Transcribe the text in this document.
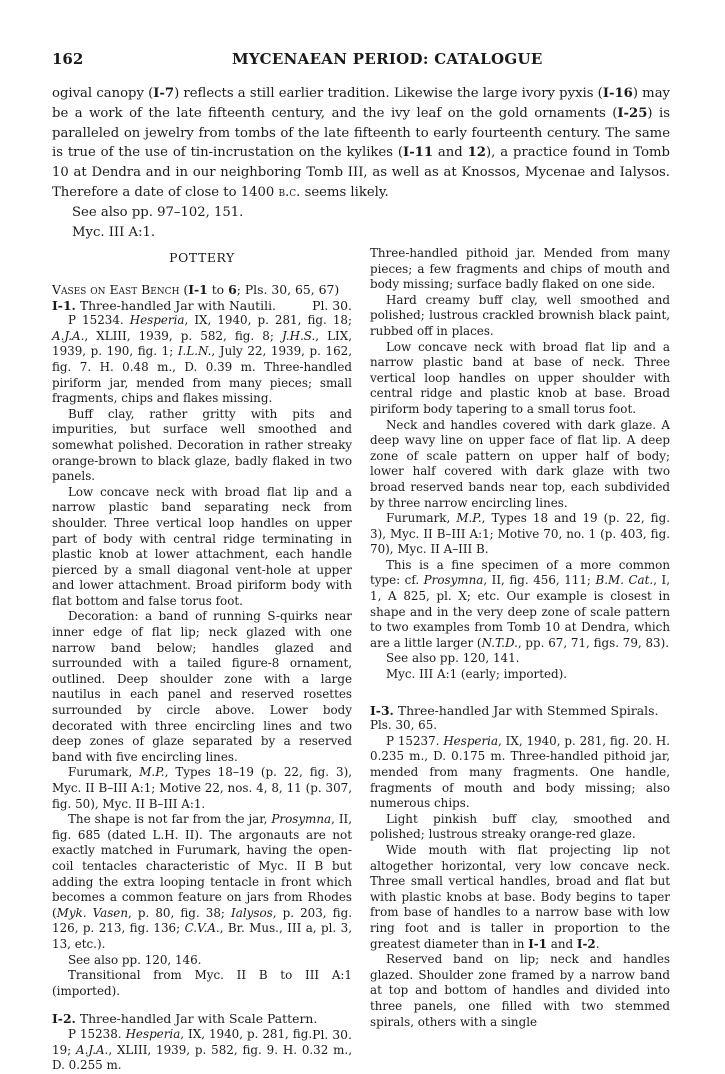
162	MYCENAEAN PERIOD: CATALOGUE

ogival canopy (I-7) reflects a still earlier tradition. Likewise the large ivory pyxis (I-16) may be a work of the late fifteenth century, and the ivy leaf on the gold ornaments (I-25) is paralleled on jewelry from tombs of the late fifteenth to early fourteenth century. The same is true of the use of tin-incrustation on the kylikes (I-11 and 12), a practice found in Tomb 10 at Dendra and in our neighboring Tomb III, as well as at Knossos, Mycenae and Ialysos. Therefore a date of close to 1400 b.c. seems likely.

See also pp. 97–102, 151.

Myc. III A:1.

POTTERY

Vases on East Bench (I-1 to 6; Pls. 30, 65, 67)

I-1. Three-handled Jar with Nautili.	Pl. 30.

P 15234. Hesperia, IX, 1940, p. 281, fig. 18; A.J.A., XLIII, 1939, p. 582, fig. 8; J.H.S., LIX, 1939, p. 190, fig. 1; I.L.N., July 22, 1939, p. 162, fig. 7. H. 0.48 m., D. 0.39 m. Three-handled piriform jar, mended from many pieces; small fragments, chips and flakes missing.

Buff clay, rather gritty with pits and impurities, but surface well smoothed and somewhat polished. Decoration in rather streaky orange-brown to black glaze, badly flaked in two panels.

Low concave neck with broad flat lip and a narrow plastic band separating neck from shoulder. Three vertical loop handles on upper part of body with central ridge terminating in plastic knob at lower attachment, each handle pierced by a small diagonal vent-hole at upper and lower attachment. Broad piriform body with flat bottom and false torus foot.

Decoration: a band of running S-quirks near inner edge of flat lip; neck glazed with one narrow band below; handles glazed and surrounded with a tailed figure-8 ornament, outlined. Deep shoulder zone with a large nautilus in each panel and reserved rosettes surrounded by circle above. Lower body decorated with three encircling lines and two deep zones of glaze separated by a reserved band with five encircling lines.

Furumark, M.P., Types 18–19 (p. 22, fig. 3), Myc. II B–III A:1; Motive 22, nos. 4, 8, 11 (p. 307, fig. 50), Myc. II B–III A:1.

The shape is not far from the jar, Prosymna, II, fig. 685 (dated L.H. II). The argonauts are not exactly matched in Furumark, having the open-coil tentacles characteristic of Myc. II B but adding the extra looping tentacle in front which becomes a common feature on jars from Rhodes (Myk. Vasen, p. 80, fig. 38; Ialysos, p. 203, fig. 126, p. 213, fig. 136; C.V.A., Br. Mus., III a, pl. 3, 13, etc.).

See also pp. 120, 146.

Transitional from Myc. II B to III A:1 (imported).

I-2. Three-handled Jar with Scale Pattern.
Pl. 30.

P 15238. Hesperia, IX, 1940, p. 281, fig. 19; A.J.A., XLIII, 1939, p. 582, fig. 9. H. 0.32 m., D. 0.255 m.

Three-handled pithoid jar. Mended from many pieces; a few fragments and chips of mouth and body missing; surface badly flaked on one side.

Hard creamy buff clay, well smoothed and polished; lustrous crackled brownish black paint, rubbed off in places.

Low concave neck with broad flat lip and a narrow plastic band at base of neck. Three vertical loop handles on upper shoulder with central ridge and plastic knob at base. Broad piriform body tapering to a small torus foot.

Neck and handles covered with dark glaze. A deep wavy line on upper face of flat lip. A deep zone of scale pattern on upper half of body; lower half covered with dark glaze with two broad reserved bands near top, each subdivided by three narrow encircling lines.

Furumark, M.P., Types 18 and 19 (p. 22, fig. 3), Myc. II B–III A:1; Motive 70, no. 1 (p. 403, fig. 70), Myc. II A–III B.

This is a fine specimen of a more common type: cf. Prosymna, II, fig. 456, 111; B.M. Cat., I, 1, A 825, pl. X; etc. Our example is closest in shape and in the very deep zone of scale pattern to two examples from Tomb 10 at Dendra, which are a little larger (N.T.D., pp. 67, 71, figs. 79, 83).

See also pp. 120, 141.

Myc. III A:1 (early; imported).

I-3. Three-handled Jar with Stemmed Spirals.

Pls. 30, 65.

P 15237. Hesperia, IX, 1940, p. 281, fig. 20. H. 0.235 m., D. 0.175 m. Three-handled pithoid jar, mended from many fragments. One handle, fragments of mouth and body missing; also numerous chips.

Light pinkish buff clay, smoothed and polished; lustrous streaky orange-red glaze.

Wide mouth with flat projecting lip not altogether horizontal, very low concave neck. Three small vertical handles, broad and flat but with plastic knobs at base. Body begins to taper from base of handles to a narrow base with low ring foot and is taller in proportion to the greatest diameter than in I-1 and I-2.

Reserved band on lip; neck and handles glazed. Shoulder zone framed by a narrow band at top and bottom of handles and divided into three panels, one filled with two stemmed spirals, others with a single
